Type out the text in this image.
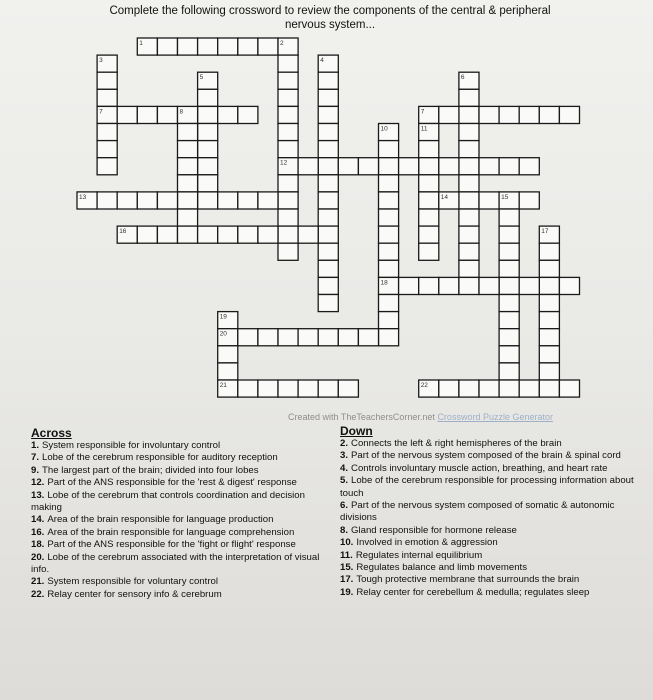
Complete the following crossword to review the components of the central & peripheral
nervous system...
1	2
3	4
5	6
7	7
8
10	11
12
13	14	15
16	17
18
19
20
21	22
Created with TheTeachersCorner.net Crossword Puzzle Generator
Across
1. System responsible for involuntary control
7. Lobe of the cerebrum responsible for auditory reception
9. The largest part of the brain; divided into four lobes
12. Part of the ANS responsible for the 'rest & digest' response
13. Lobe of the cerebrum that controls coordination and decision making
14. Area of the brain responsible for language production
16. Area of the brain responsible for language comprehension
18. Part of the ANS responsible for the 'fight or flight' response
20. Lobe of the cerebrum associated with the interpretation of visual info.
21. System responsible for voluntary control
22. Relay center for sensory info & cerebrum
Down
2. Connects the left & right hemispheres of the brain
3. Part of the nervous system composed of the brain & spinal cord
4. Controls involuntary muscle action, breathing, and heart rate
5. Lobe of the cerebrum responsible for processing information about touch
6. Part of the nervous system composed of somatic & autonomic divisions
8. Gland responsible for hormone release
10. Involved in emotion & aggression
11. Regulates internal equilibrium
15. Regulates balance and limb movements
17. Tough protective membrane that surrounds the brain
19. Relay center for cerebellum & medulla; regulates sleep
